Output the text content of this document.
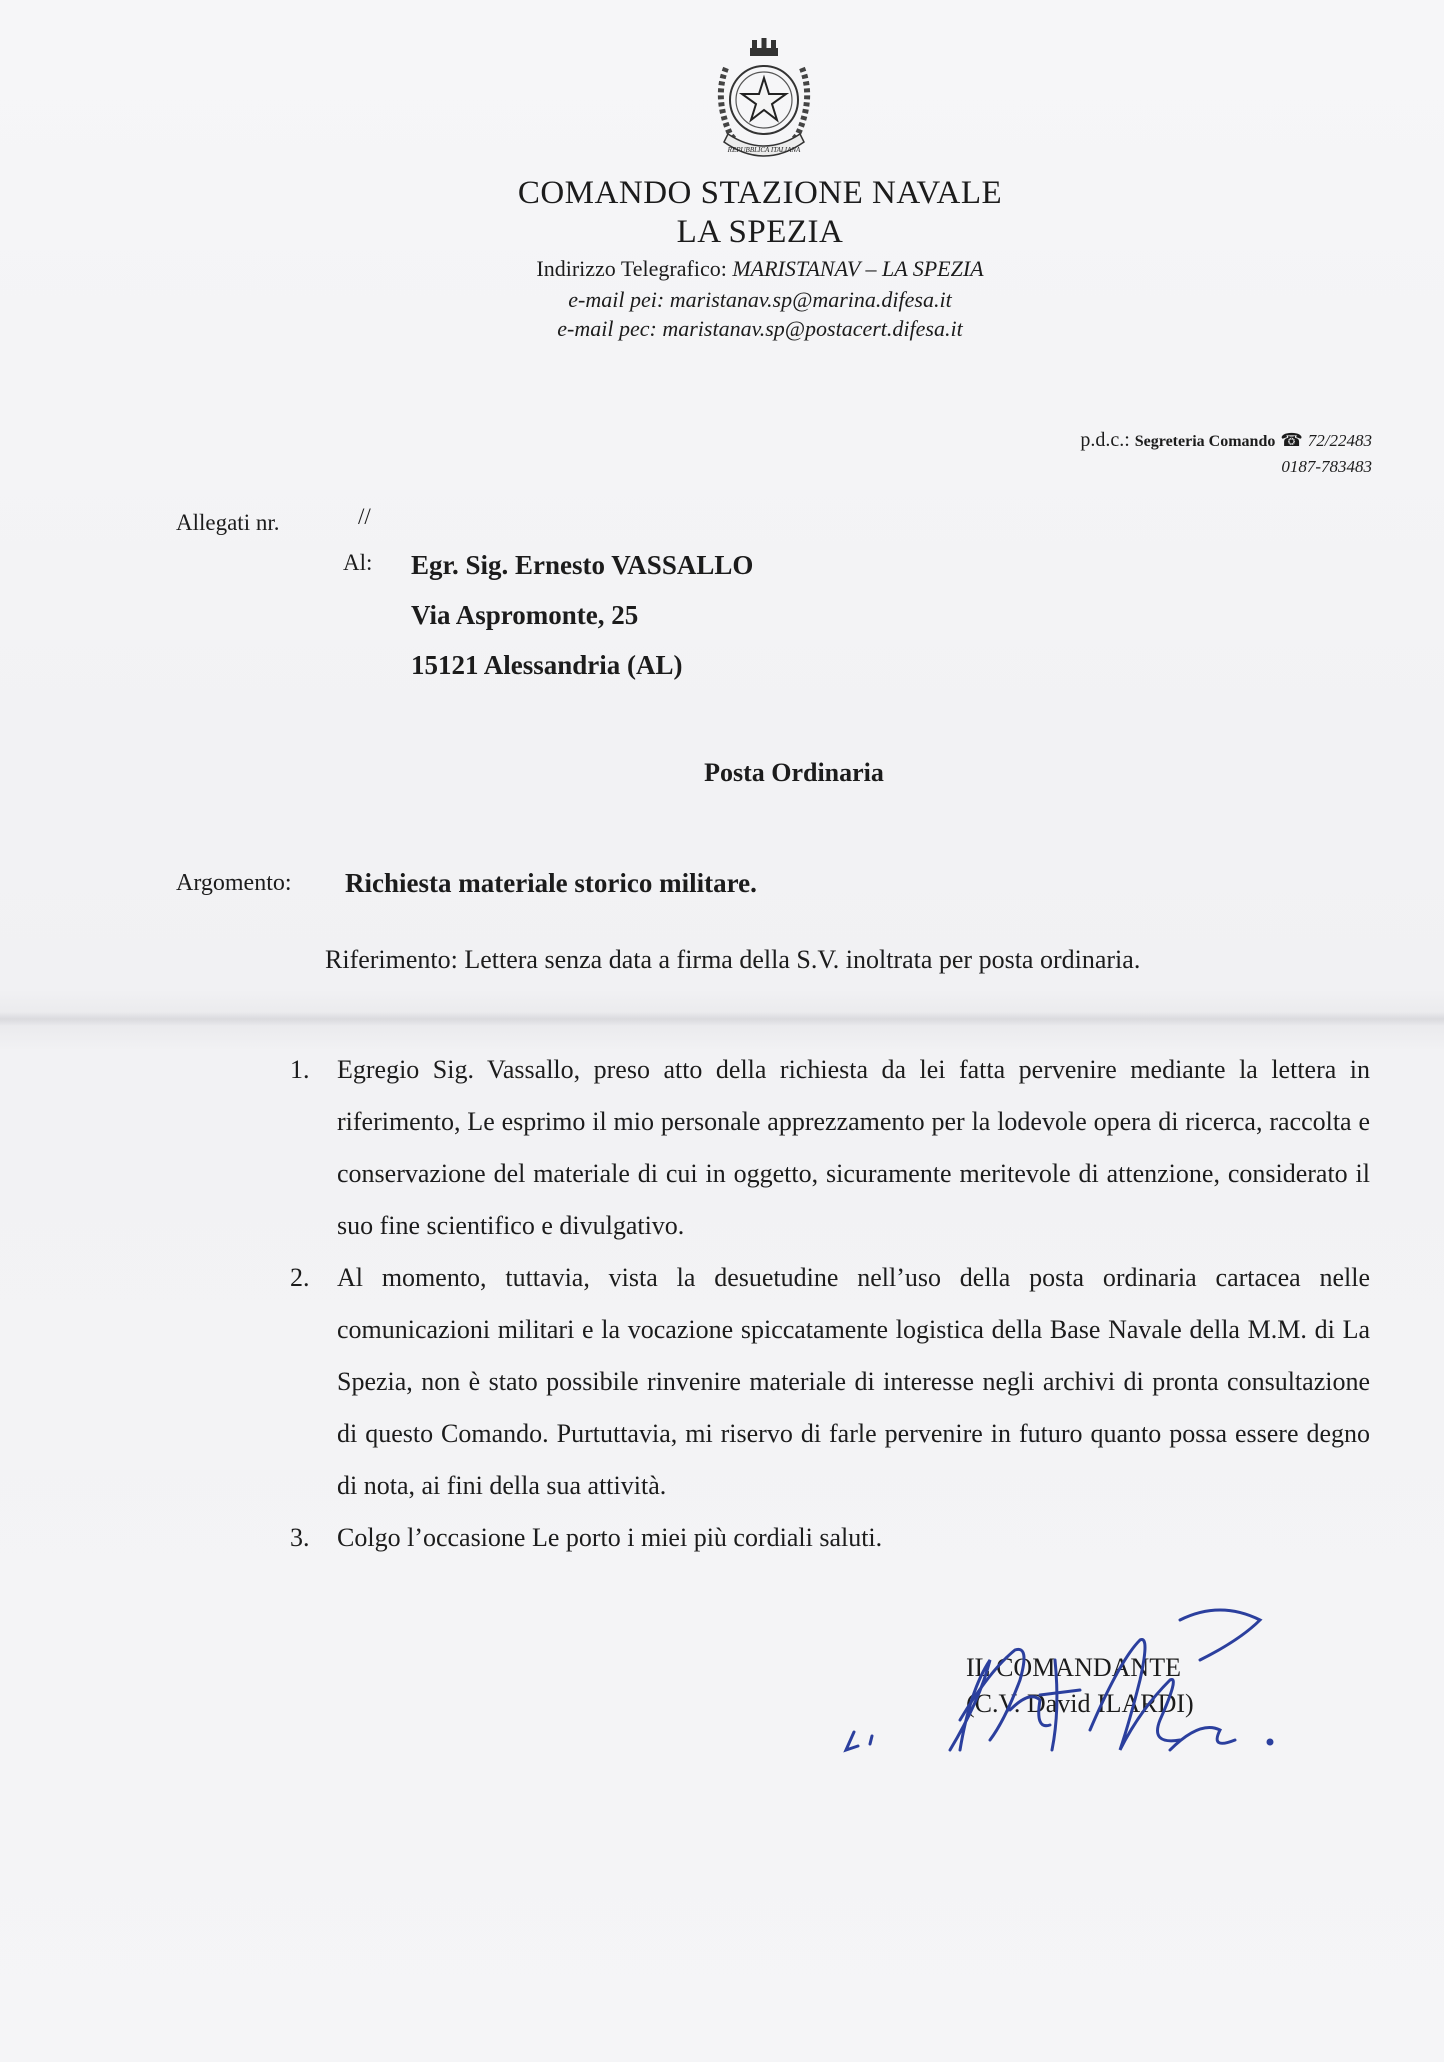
REPUBBLICA ITALIANA
COMANDO STAZIONE NAVALE
LA SPEZIA
Indirizzo Telegrafico: MARISTANAV – LA SPEZIA
e-mail pei: maristanav.sp@marina.difesa.it
e-mail pec: maristanav.sp@postacert.difesa.it
p.d.c.: Segreteria Comando ☎ 72/22483
0187-783483
Allegati nr.	//
Al: Egr. Sig. Ernesto VASSALLO
Via Aspromonte, 25
15121 Alessandria (AL)
Posta Ordinaria
Argomento: Richiesta materiale storico militare.
Riferimento: Lettera senza data a firma della S.V. inoltrata per posta ordinaria.
1.	Egregio Sig. Vassallo, preso atto della richiesta da lei fatta pervenire mediante la lettera in riferimento, Le esprimo il mio personale apprezzamento per la lodevole opera di ricerca, raccolta e conservazione del materiale di cui in oggetto, sicuramente meritevole di attenzione, considerato il suo fine scientifico e divulgativo.
2.	Al momento, tuttavia, vista la desuetudine nell’uso della posta ordinaria cartacea nelle comunicazioni militari e la vocazione spiccatamente logistica della Base Navale della M.M. di La Spezia, non è stato possibile rinvenire materiale di interesse negli archivi di pronta consultazione di questo Comando. Purtuttavia, mi riservo di farle pervenire in futuro quanto possa essere degno di nota, ai fini della sua attività.
3.	Colgo l’occasione Le porto i miei più cordiali saluti.
IL COMANDANTE
(C.V. David ILARDI)
